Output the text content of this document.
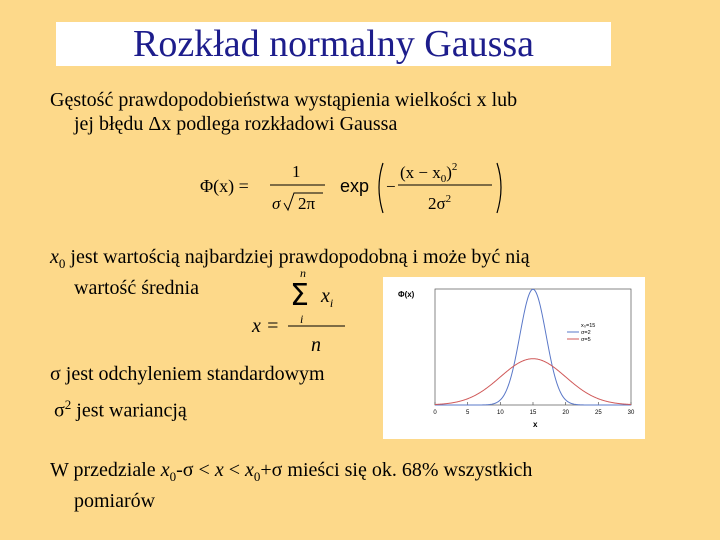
Rozkład normalny Gaussa
Gęstość prawdopodobieństwa wystąpienia wielkości x lub
jej błędu Δx podlega rozkładowi Gaussa
Φ(x) =
1
σ 2π
exp −
$(x - x_0)^2$
$2\sigma^2$
$x_0$ jest wartością najbardziej prawdopodobną i może być nią
wartość średnia
n
Σ
i
$x_i$
x =
n
σ jest odchyleniem standardowym
$\sigma^2$ jest wariancją
W przedziale $x_0-\sigma < x < x_0+\sigma$ mieści się ok. 68% wszystkich
pomiarów
Φ(x)
x
0	5	10	15	20	25	30
x₀=15
σ=2
σ=5
